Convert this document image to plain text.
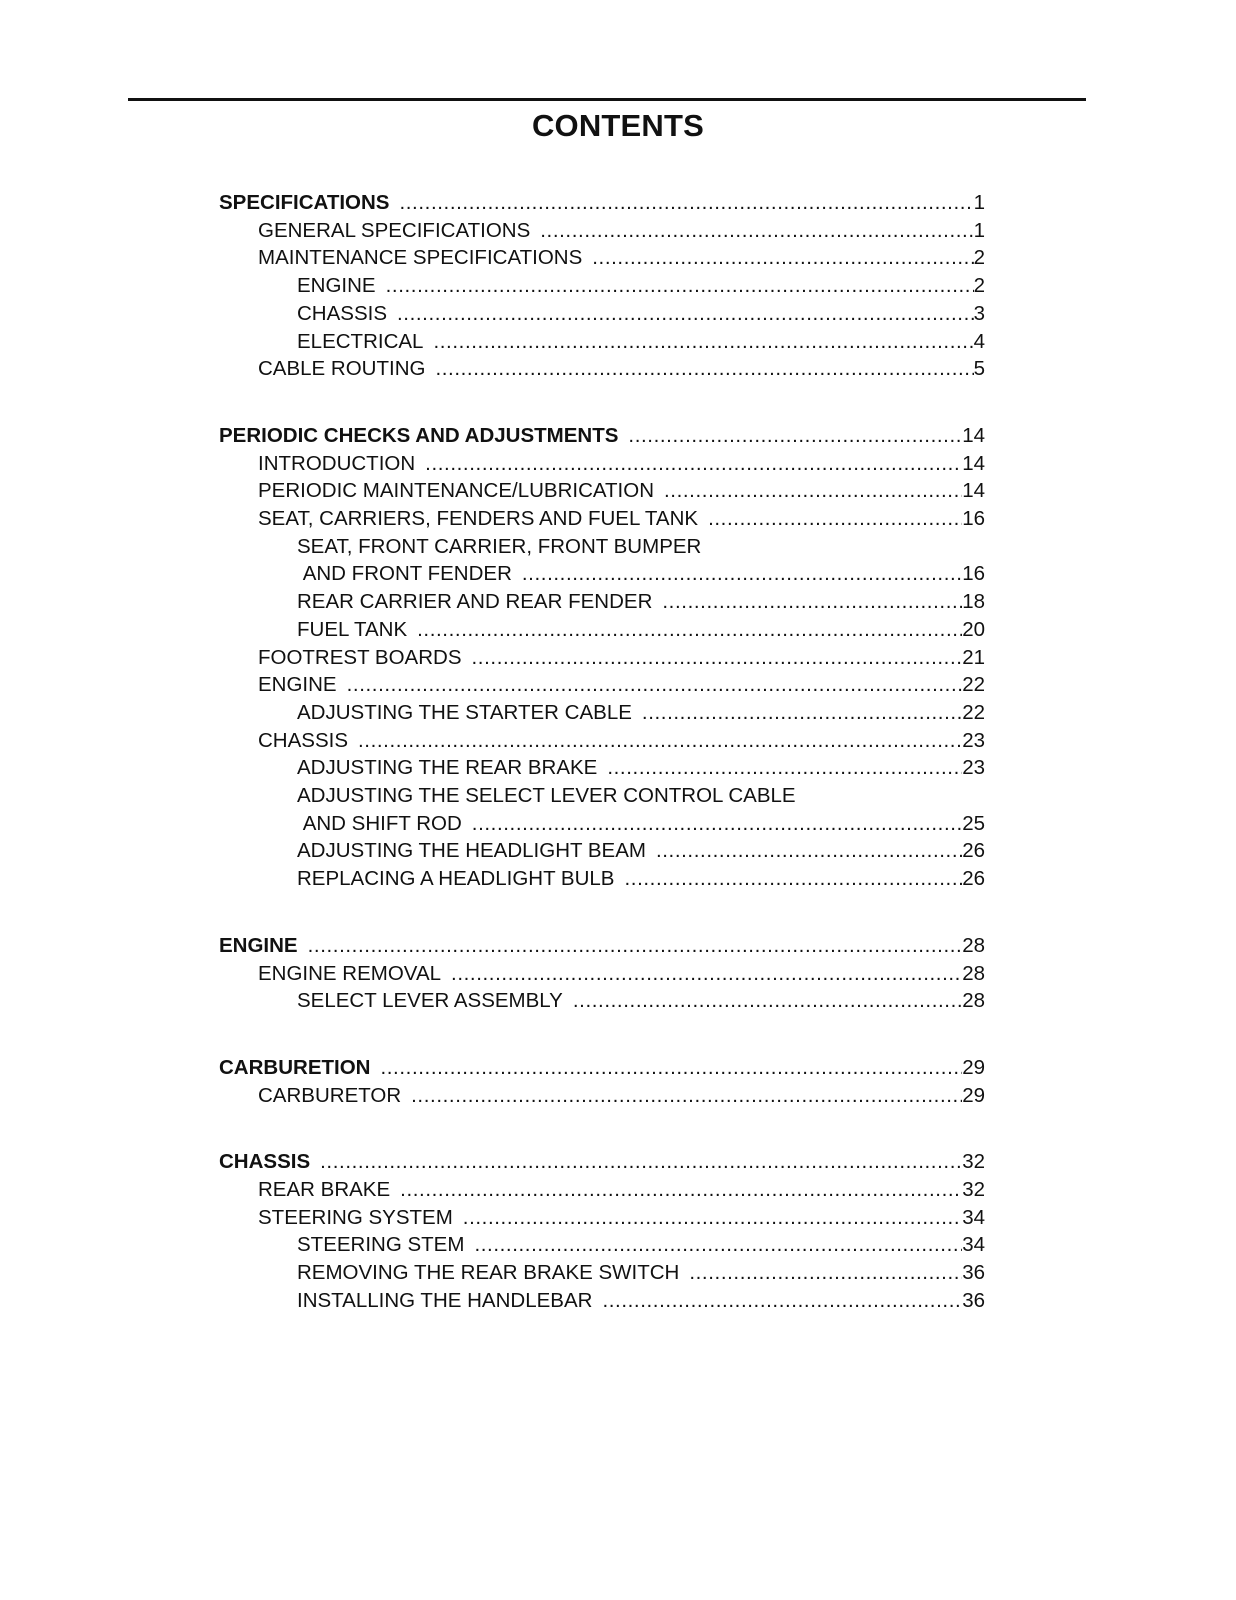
CONTENTS
SPECIFICATIONS .....	1
GENERAL SPECIFICATIONS .....	1
MAINTENANCE SPECIFICATIONS .....	2
ENGINE .....	2
CHASSIS .....	3
ELECTRICAL .....	4
CABLE ROUTING .....	5
PERIODIC CHECKS AND ADJUSTMENTS .....	14
INTRODUCTION .....	14
PERIODIC MAINTENANCE/LUBRICATION .....	14
SEAT, CARRIERS, FENDERS AND FUEL TANK .....	16
SEAT, FRONT CARRIER, FRONT BUMPER
AND FRONT FENDER .....	16
REAR CARRIER AND REAR FENDER .....	18
FUEL TANK .....	20
FOOTREST BOARDS .....	21
ENGINE .....	22
ADJUSTING THE STARTER CABLE .....	22
CHASSIS .....	23
ADJUSTING THE REAR BRAKE .....	23
ADJUSTING THE SELECT LEVER CONTROL CABLE
AND SHIFT ROD .....	25
ADJUSTING THE HEADLIGHT BEAM .....	26
REPLACING A HEADLIGHT BULB .....	26
ENGINE .....	28
ENGINE REMOVAL .....	28
SELECT LEVER ASSEMBLY .....	28
CARBURETION .....	29
CARBURETOR .....	29
CHASSIS .....	32
REAR BRAKE .....	32
STEERING SYSTEM .....	34
STEERING STEM .....	34
REMOVING THE REAR BRAKE SWITCH .....	36
INSTALLING THE HANDLEBAR .....	36
